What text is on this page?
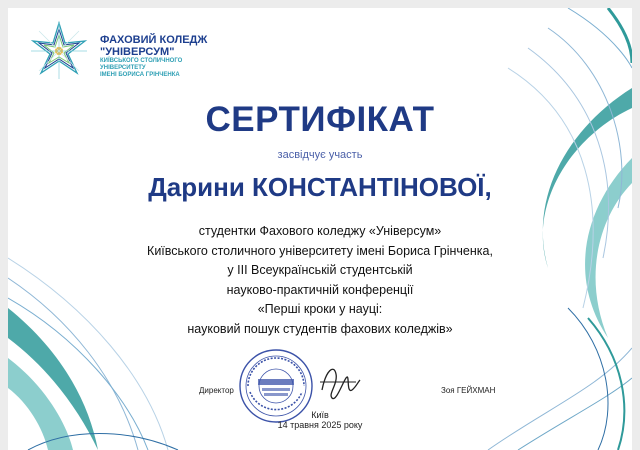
ФАХОВИЙ КОЛЕДЖ
"УНІВЕРСУМ"
КИЇВСЬКОГО СТОЛИЧНОГО УНІВЕРСИТЕТУ
ІМЕНІ БОРИСА ГРІНЧЕНКА
СЕРТИФІКАТ
засвідчує участь
Дарини КОНСТАНТІНОВОЇ,
студентки Фахового коледжу «Універсум»
Київського столичного університету імені Бориса Грінченка,
у ІІІ Всеукраїнській студентській
науково-практичній конференції
«Перші кроки у науці:
науковий пошук студентів фахових коледжів»
Директор	Зоя ГЕЙХМАН
Київ
14 травня 2025 року
